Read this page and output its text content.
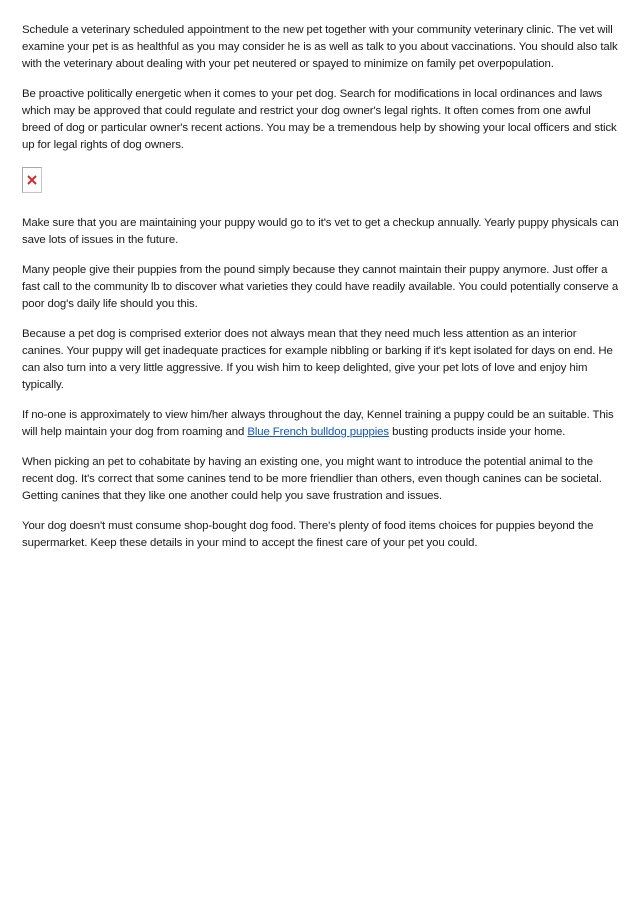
Schedule a veterinary scheduled appointment to the new pet together with your community veterinary clinic. The vet will examine your pet is as healthful as you may consider he is as well as talk to you about vaccinations. You should also talk with the veterinary about dealing with your pet neutered or spayed to minimize on family pet overpopulation.

Be proactive politically energetic when it comes to your pet dog. Search for modifications in local ordinances and laws which may be approved that could regulate and restrict your dog owner's legal rights. It often comes from one awful breed of dog or particular owner's recent actions. You may be a tremendous help by showing your local officers and stick up for legal rights of dog owners.

Make sure that you are maintaining your puppy would go to it's vet to get a checkup annually. Yearly puppy physicals can save lots of issues in the future.

Many people give their puppies from the pound simply because they cannot maintain their puppy anymore. Just offer a fast call to the community lb to discover what varieties they could have readily available. You could potentially conserve a poor dog's daily life should you this.

Because a pet dog is comprised exterior does not always mean that they need much less attention as an interior canines. Your puppy will get inadequate practices for example nibbling or barking if it's kept isolated for days on end. He can also turn into a very little aggressive. If you wish him to keep delighted, give your pet lots of love and enjoy him typically.

If no-one is approximately to view him/her always throughout the day, Kennel training a puppy could be an suitable. This will help maintain your dog from roaming and Blue French bulldog puppies busting products inside your home.

When picking an pet to cohabitate by having an existing one, you might want to introduce the potential animal to the recent dog. It's correct that some canines tend to be more friendlier than others, even though canines can be societal. Getting canines that they like one another could help you save frustration and issues.

Your dog doesn't must consume shop-bought dog food. There's plenty of food items choices for puppies beyond the supermarket. Keep these details in your mind to accept the finest care of your pet you could.
